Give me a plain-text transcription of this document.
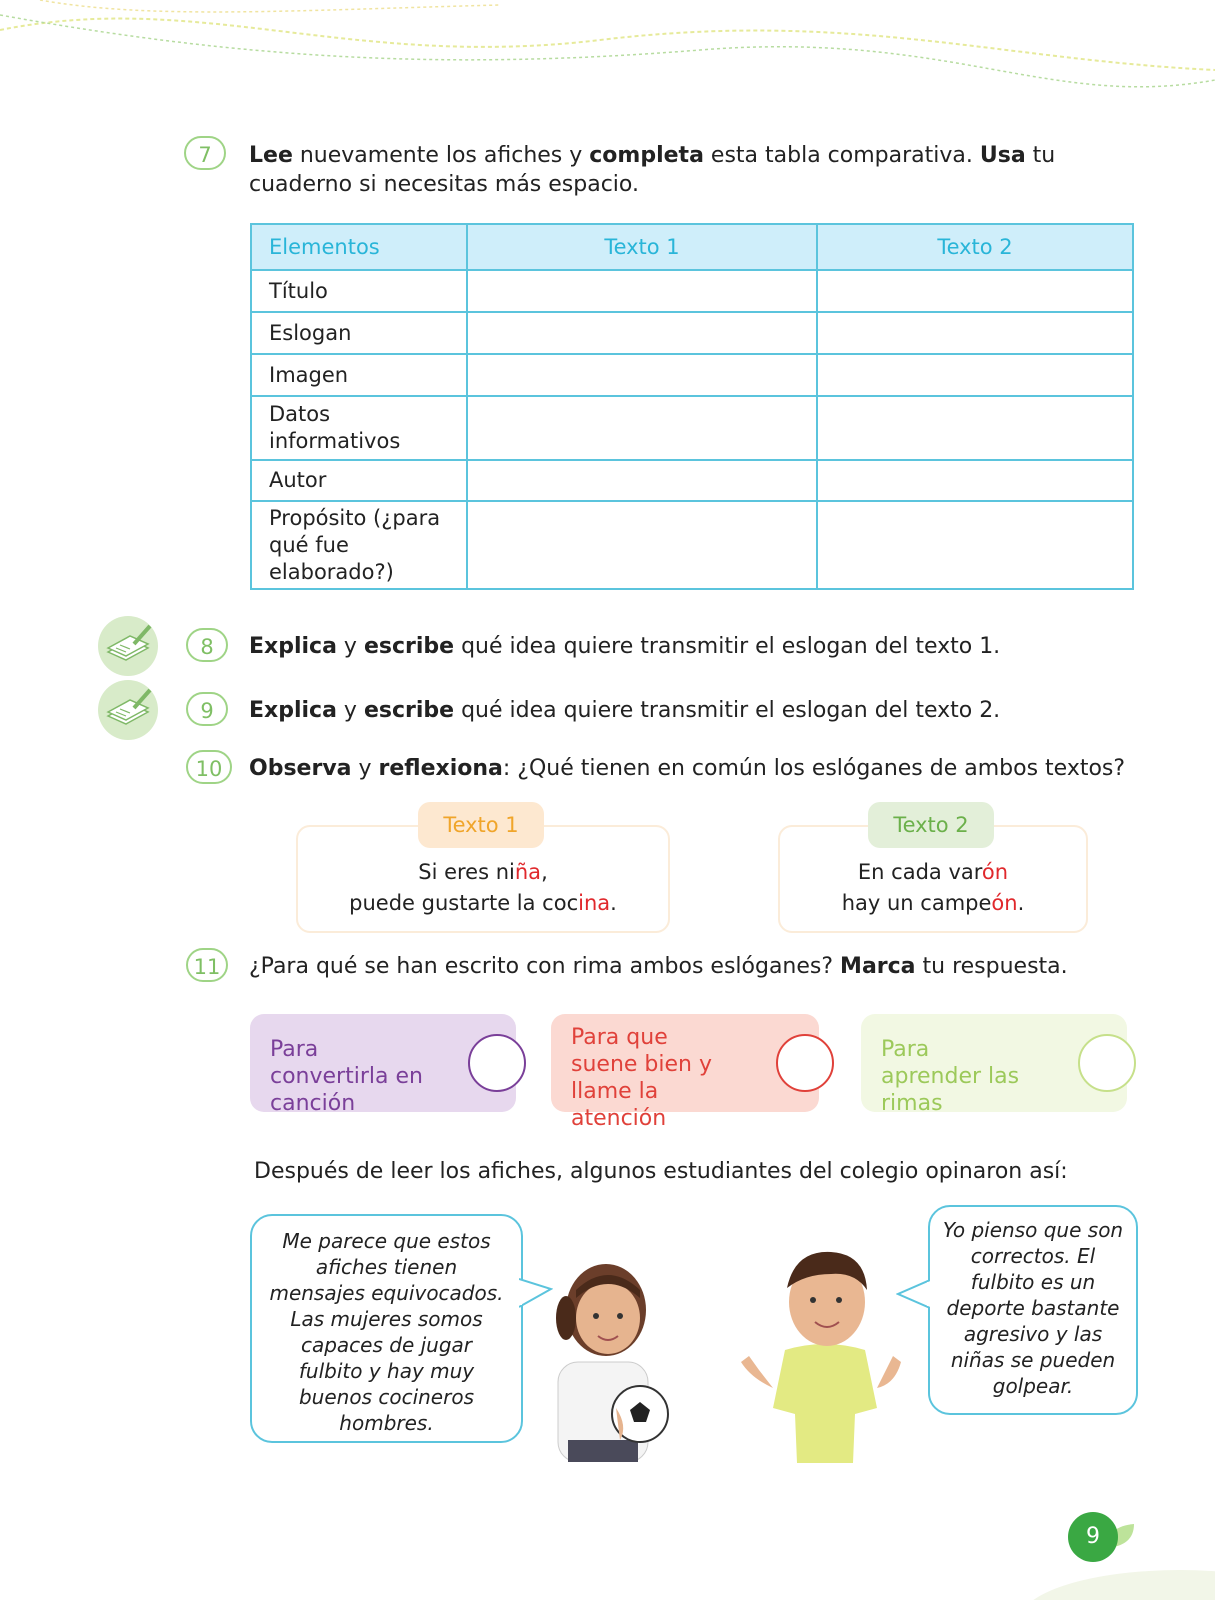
7	Lee nuevamente los afiches y completa esta tabla comparativa. Usa tu cuaderno si necesitas más espacio.
Elementos	Texto 1	Texto 2
Título		
Eslogan		
Imagen		
Datos informativos		
Autor		
Propósito (¿para qué fue elaborado?)		
8	Explica y escribe qué idea quiere transmitir el eslogan del texto 1.
9	Explica y escribe qué idea quiere transmitir el eslogan del texto 2.
10	Observa y reflexiona: ¿Qué tienen en común los eslóganes de ambos textos?
Si eres niña,
puede gustarte la cocina.
Texto 1
En cada varón
hay un campeón.
Texto 2
11	¿Para qué se han escrito con rima ambos eslóganes? Marca tu respuesta.
Para convertirla en canción
Para que suene bien y llame la atención
Para aprender las rimas
Después de leer los afiches, algunos estudiantes del colegio opinaron así:
Me parece que estos afiches tienen mensajes equivocados. Las mujeres somos capaces de jugar fulbito y hay muy buenos cocineros hombres.
Yo pienso que son correctos. El fulbito es un deporte bastante agresivo y las niñas se pueden golpear.
9
